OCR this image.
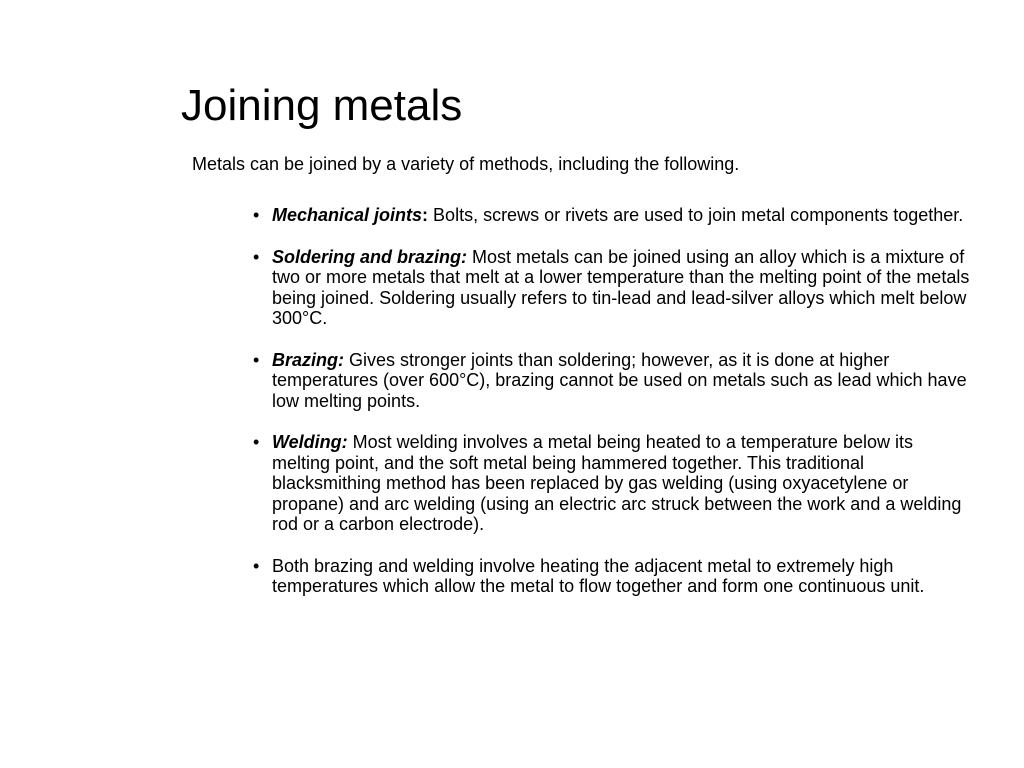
Joining metals

Metals can be joined by a variety of methods, including the following.

• Mechanical joints: Bolts, screws or rivets are used to join metal components together.
• Soldering and brazing: Most metals can be joined using an alloy which is a mixture of two or more metals that melt at a lower temperature than the melting point of the metals being joined. Soldering usually refers to tin-lead and lead-silver alloys which melt below 300°C.
• Brazing: Gives stronger joints than soldering; however, as it is done at higher temperatures (over 600°C), brazing cannot be used on metals such as lead which have low melting points.
• Welding: Most welding involves a metal being heated to a temperature below its melting point, and the soft metal being hammered together. This traditional blacksmithing method has been replaced by gas welding (using oxyacetylene or propane) and arc welding (using an electric arc struck between the work and a welding rod or a carbon electrode).
• Both brazing and welding involve heating the adjacent metal to extremely high temperatures which allow the metal to flow together and form one continuous unit.
